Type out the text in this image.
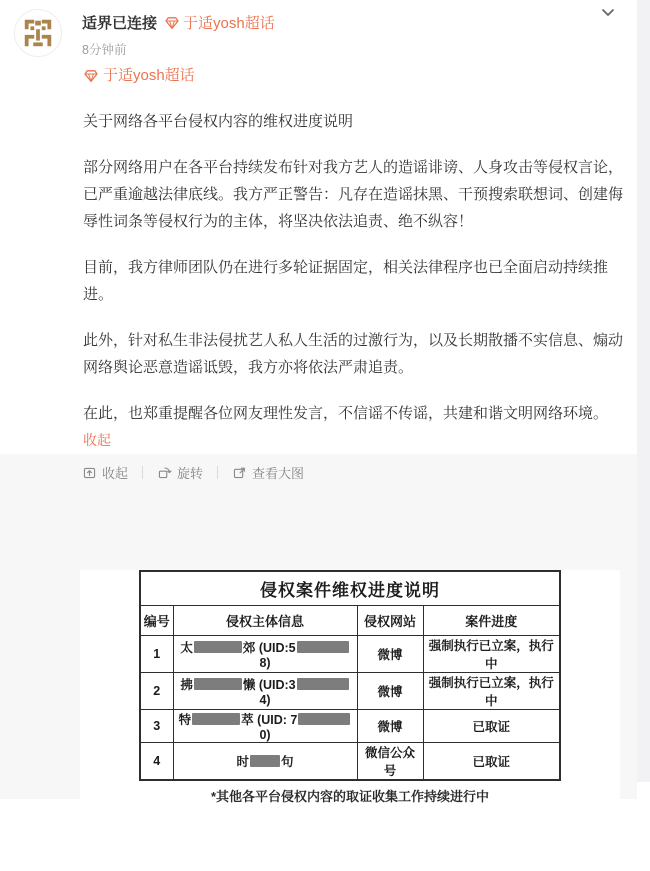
适界已连接 于适yosh超话
8分钟前
于适yosh超话

关于网络各平台侵权内容的维权进度说明

部分网络用户在各平台持续发布针对我方艺人的造谣诽谤、人身攻击等侵权言论，已严重逾越法律底线。我方严正警告：凡存在造谣抹黑、干预搜索联想词、创建侮辱性词条等侵权行为的主体，将坚决依法追责、绝不纵容！

目前，我方律师团队仍在进行多轮证据固定，相关法律程序也已全面启动持续推进。

此外，针对私生非法侵扰艺人私人生活的过激行为，以及长期散播不实信息、煽动网络舆论恶意造谣诋毁，我方亦将依法严肃追责。

在此，也郑重提醒各位网友理性发言，不信谣不传谣，共建和谐文明网络环境。

收起
收起	旋转	查看大图
侵权案件维权进度说明			
编号	侵权主体信息	侵权网站	案件进度
1	太 郊 (UID:58)	微博	强制执行已立案，执行中
2	拂 懒 (UID:34)	微博	强制执行已立案，执行中
3	特 萃 (UID: 70)	微博	已取证
4	时 句	微信公众号	已取证
*其他各平台侵权内容的取证收集工作持续进行中
